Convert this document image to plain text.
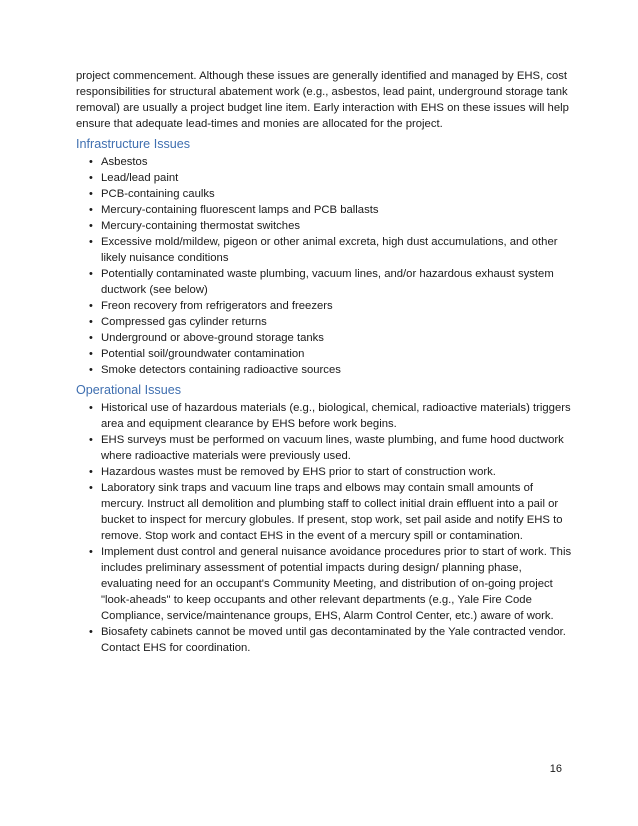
project commencement. Although these issues are generally identified and managed by EHS, cost responsibilities for structural abatement work (e.g., asbestos, lead paint, underground storage tank removal) are usually a project budget line item. Early interaction with EHS on these issues will help ensure that adequate lead-times and monies are allocated for the project.

Infrastructure Issues
• Asbestos
• Lead/lead paint
• PCB-containing caulks
• Mercury-containing fluorescent lamps and PCB ballasts
• Mercury-containing thermostat switches
• Excessive mold/mildew, pigeon or other animal excreta, high dust accumulations, and other likely nuisance conditions
• Potentially contaminated waste plumbing, vacuum lines, and/or hazardous exhaust system ductwork (see below)
• Freon recovery from refrigerators and freezers
• Compressed gas cylinder returns
• Underground or above-ground storage tanks
• Potential soil/groundwater contamination
• Smoke detectors containing radioactive sources
Operational Issues
• Historical use of hazardous materials (e.g., biological, chemical, radioactive materials) triggers area and equipment clearance by EHS before work begins.
• EHS surveys must be performed on vacuum lines, waste plumbing, and fume hood ductwork where radioactive materials were previously used.
• Hazardous wastes must be removed by EHS prior to start of construction work.
• Laboratory sink traps and vacuum line traps and elbows may contain small amounts of mercury. Instruct all demolition and plumbing staff to collect initial drain effluent into a pail or bucket to inspect for mercury globules. If present, stop work, set pail aside and notify EHS to remove. Stop work and contact EHS in the event of a mercury spill or contamination.
• Implement dust control and general nuisance avoidance procedures prior to start of work. This includes preliminary assessment of potential impacts during design/ planning phase, evaluating need for an occupant's Community Meeting, and distribution of on-going project "look-aheads" to keep occupants and other relevant departments (e.g., Yale Fire Code Compliance, service/maintenance groups, EHS, Alarm Control Center, etc.) aware of work.
• Biosafety cabinets cannot be moved until gas decontaminated by the Yale contracted vendor. Contact EHS for coordination.
16
